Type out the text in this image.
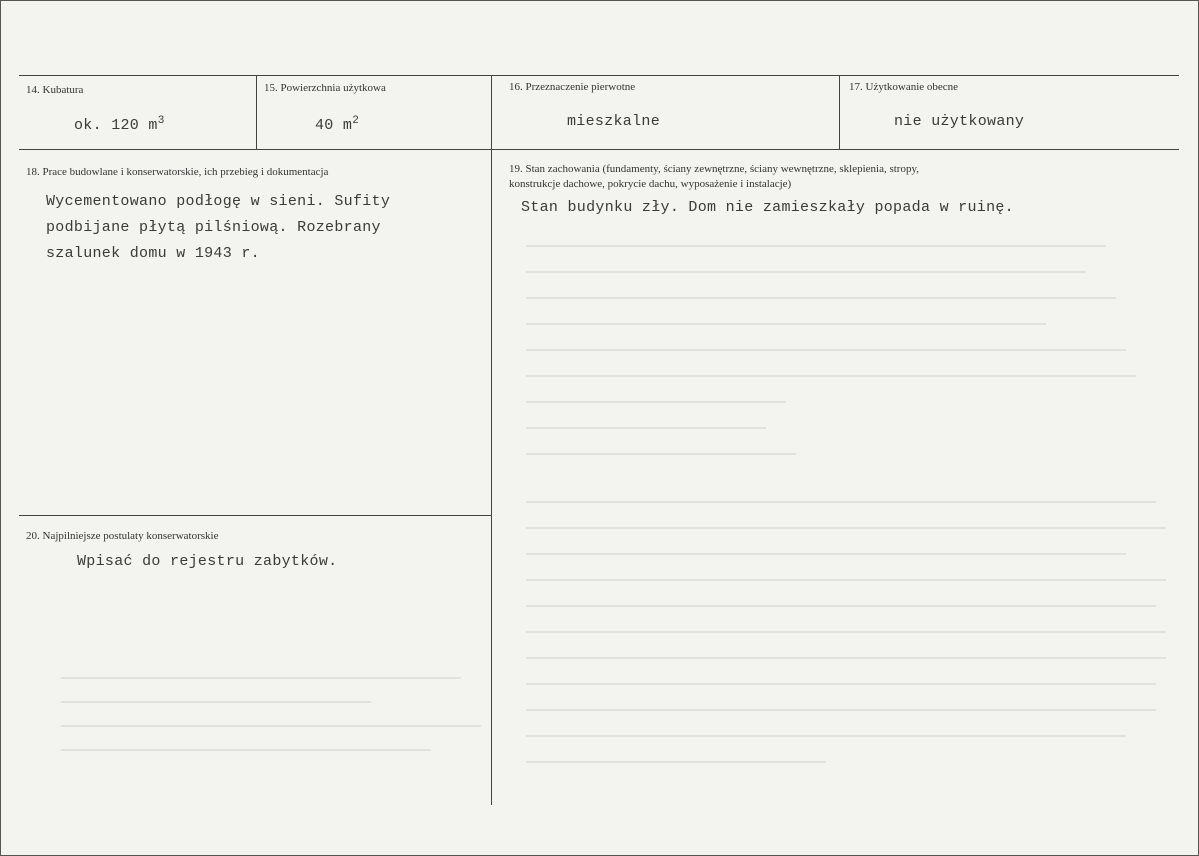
14. Kubatura
ok. 120 $m^3$
15. Powierzchnia użytkowa
40 $m^2$
16. Przeznaczenie pierwotne
mieszkalne
17. Użytkowanie obecne
nie użytkowany
18. Prace budowlane i konserwatorskie, ich przebieg i dokumentacja
Wycementowano podłogę w sieni. Sufity
podbijane płytą pilśniową. Rozebrany
szalunek domu w 1943 r.
19. Stan zachowania (fundamenty, ściany zewnętrzne, ściany wewnętrzne, sklepienia, stropy,
konstrukcje dachowe, pokrycie dachu, wyposażenie i instalacje)
Stan budynku zły. Dom nie zamieszkały popada w ruinę.
20. Najpilniejsze postulaty konserwatorskie
Wpisać do rejestru zabytków.
